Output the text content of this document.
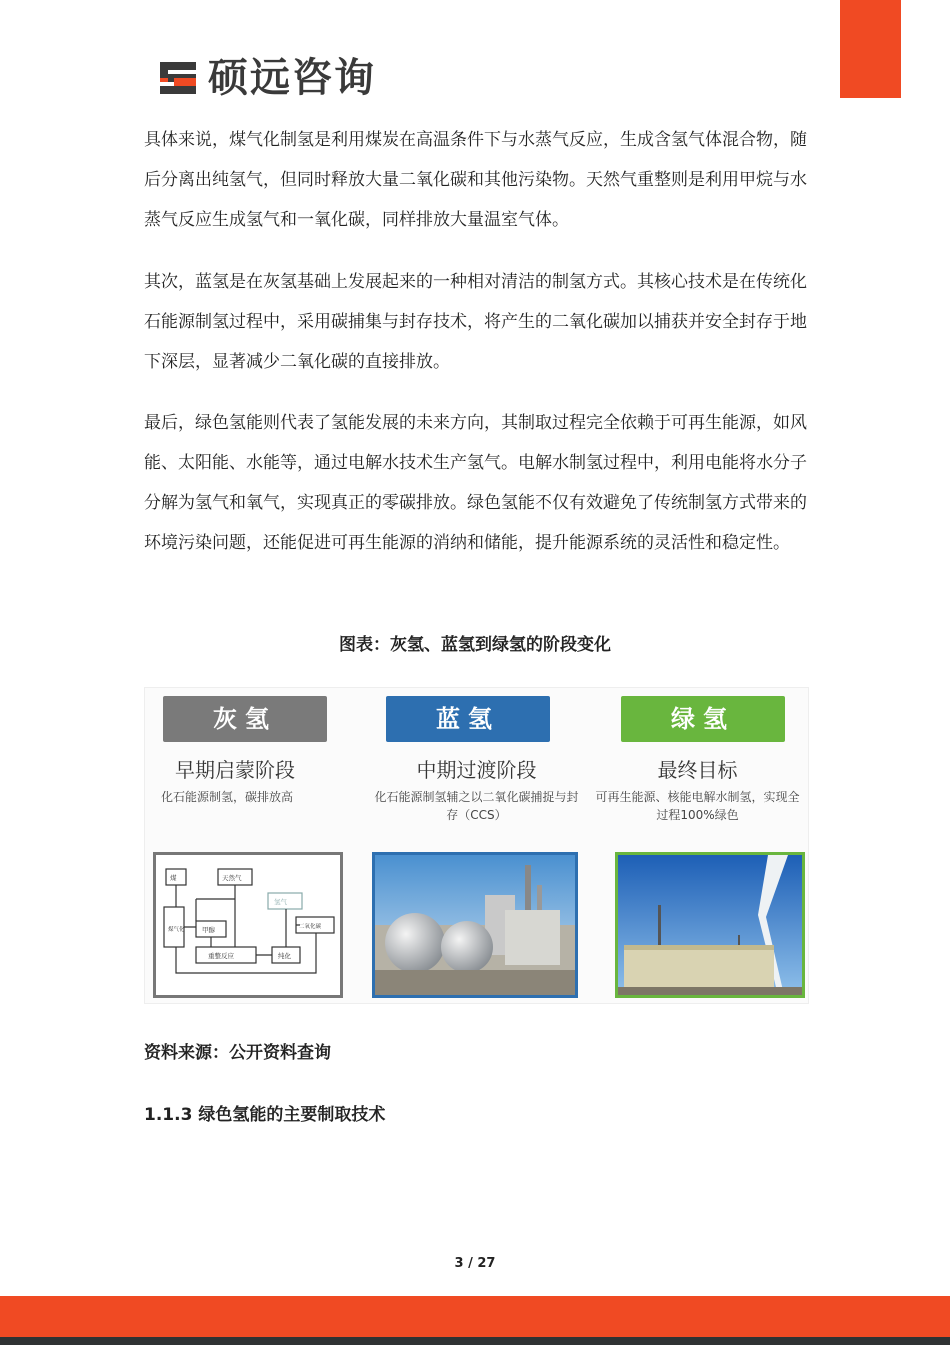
硕远咨询

具体来说，煤气化制氢是利用煤炭在高温条件下与水蒸气反应，生成含氢气体混合物，随后分离出纯氢气，但同时释放大量二氧化碳和其他污染物。天然气重整则是利用甲烷与水蒸气反应生成氢气和一氧化碳，同样排放大量温室气体。

其次，蓝氢是在灰氢基础上发展起来的一种相对清洁的制氢方式。其核心技术是在传统化石能源制氢过程中，采用碳捕集与封存技术，将产生的二氧化碳加以捕获并安全封存于地下深层，显著减少二氧化碳的直接排放。

最后，绿色氢能则代表了氢能发展的未来方向，其制取过程完全依赖于可再生能源，如风能、太阳能、水能等，通过电解水技术生产氢气。电解水制氢过程中，利用电能将水分子分解为氢气和氧气，实现真正的零碳排放。绿色氢能不仅有效避免了传统制氢方式带来的环境污染问题，还能促进可再生能源的消纳和储能，提升能源系统的灵活性和稳定性。

图表：灰氢、蓝氢到绿氢的阶段变化
灰氢
早期启蒙阶段
化石能源制氢，碳排放高
煤	天然气
氢气
煤气化	甲醇	二氧化碳
重整反应	纯化
蓝氢
中期过渡阶段
化石能源制氢辅之以二氧化碳捕捉与封存（CCS）
绿氢
最终目标
可再生能源、核能电解水制氢，实现全过程100%绿色
资料来源：公开资料查询
1.1.3 绿色氢能的主要制取技术
3 / 27
